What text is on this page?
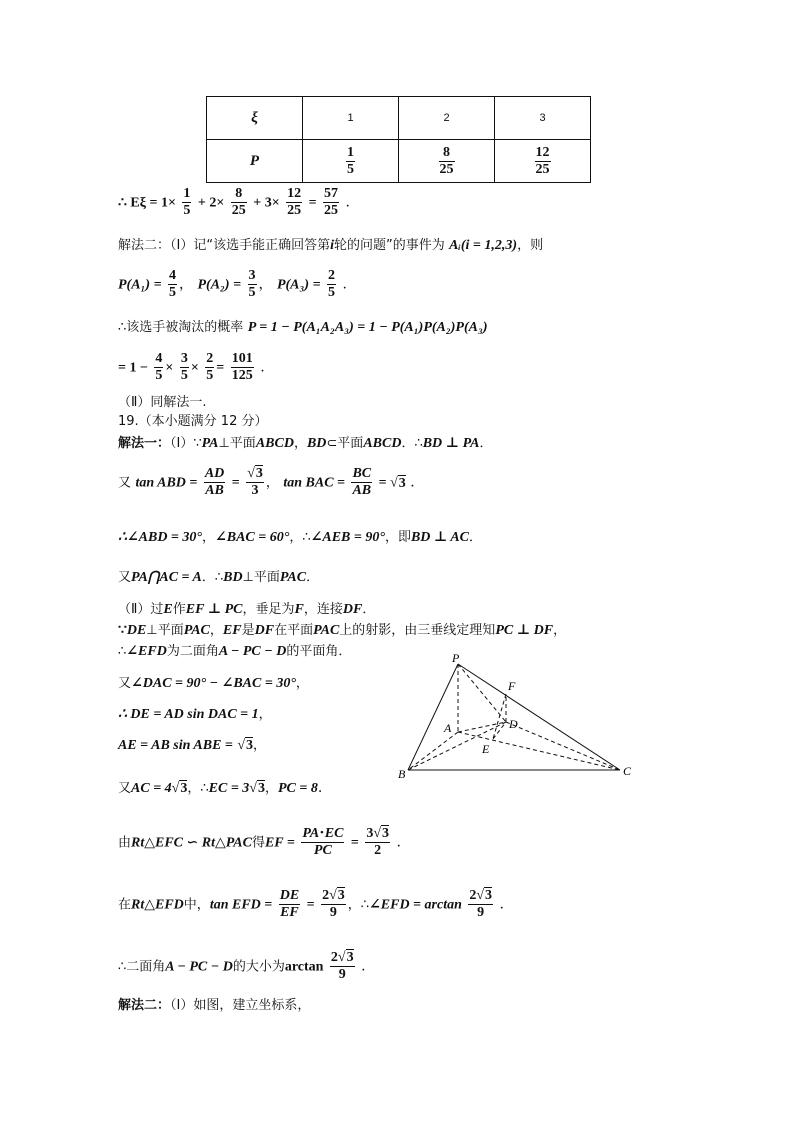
ξ	1	2	3
P	$\frac{1}{5}$	$\frac{8}{25}$	$\frac{12}{25}$
∴ $E\xi = 1\times \frac{1}{5} + 2\times \frac{8}{25} + 3\times \frac{12}{25} = \frac{57}{25}$ .
解法二：（Ⅰ）记“该选手能正确回答第i轮的问题”的事件为 Aᵢ(i = 1,2,3)，则
$P(A_1) = \frac{4}{5}$ ， $P(A_2) = \frac{3}{5}$ ， $P(A_3) = \frac{2}{5}$ .
∴该选手被淘汰的概率 P = 1 − P(A₁A₂A₃) = 1 − P(A₁)P(A₂)P(A₃)
= $1 - \frac{4}{5} \times \frac{3}{5} \times \frac{2}{5} = \frac{101}{125}$ .
（Ⅱ）同解法一.
19.（本小题满分 12 分）
解法一：（Ⅰ）∵PA⊥平面ABCD，BD⊂平面ABCD．∴BD ⊥ PA．
又 tan ABD = $\frac{AD}{AB} = \frac{√3}{3}$ ， tan BAC = $\frac{BC}{AB} = √3$ .
∴∠ABD = 30°，∠BAC = 60°，∴∠AEB = 90°，即BD ⊥ AC．
又PA⋂AC = A．∴BD⊥平面PAC．
（Ⅱ）过E作EF ⊥ PC，垂足为F，连接DF．
∵DE⊥平面PAC，EF是DF在平面PAC上的射影，由三垂线定理知PC ⊥ DF，
∴∠EFD为二面角A − PC − D的平面角．
又∠DAC = 90° − ∠BAC = 30°，
∴ DE = AD sin DAC = 1，
AE = AB sin ABE = √3，
又AC = 4√3，∴EC = 3√3，PC = 8.
由Rt△EFC ∽ Rt△PAC得EF = $\frac{PA\cdot EC}{PC} = \frac{3√3}{2}$ .
在Rt△EFD中，tan EFD = $\frac{DE}{EF} = \frac{2√3}{9}$ ，∴∠EFD = $\arctan \frac{2√3}{9}$ .
∴二面角A − PC − D的大小为$\arctan \frac{2√3}{9}$ .
解法二：（Ⅰ）如图，建立坐标系，
P
F
A	D
E
B	C
